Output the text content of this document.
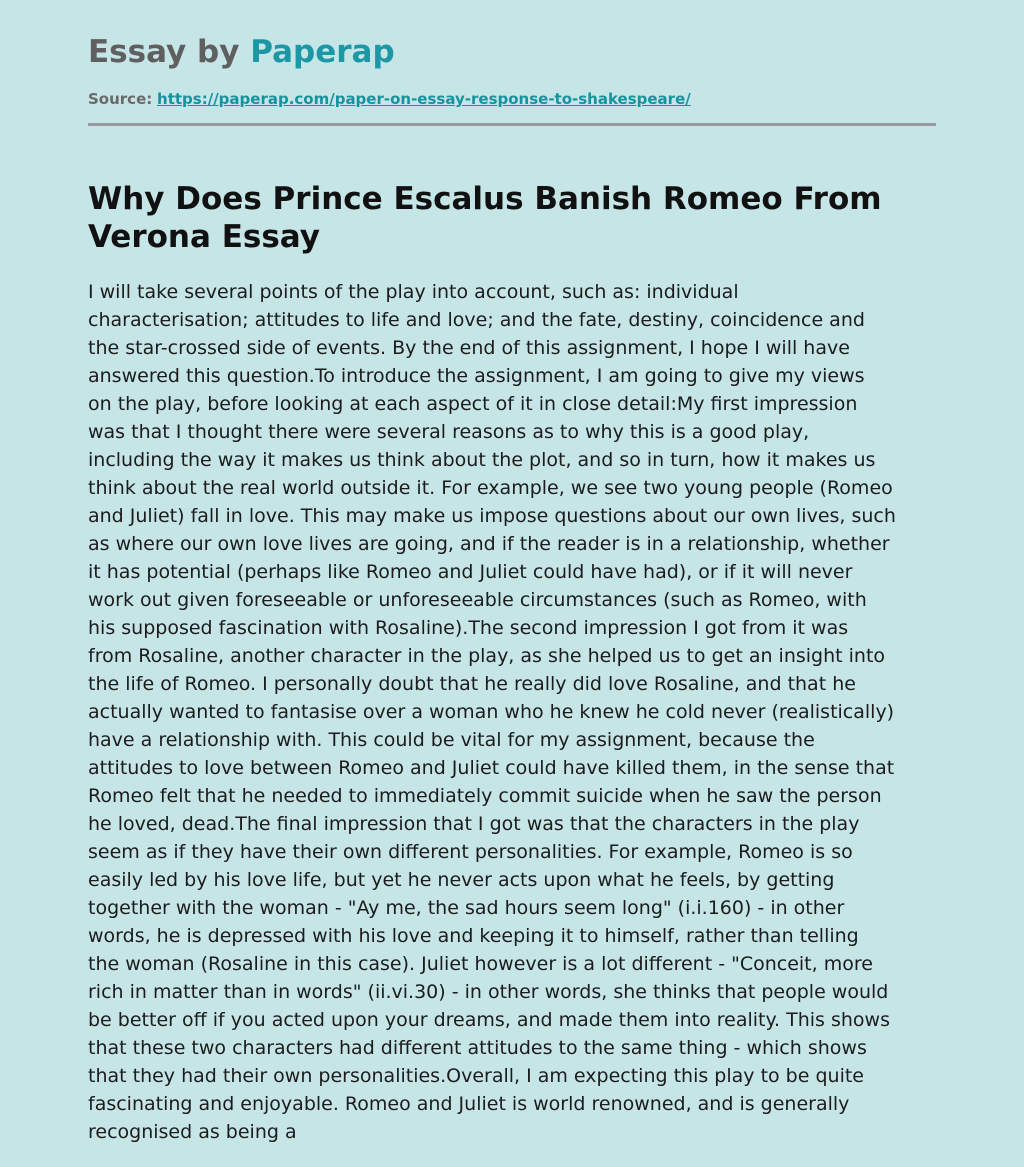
Essay by Paperap
Source: https://paperap.com/paper-on-essay-response-to-shakespeare/
Why Does Prince Escalus Banish Romeo From Verona Essay
I will take several points of the play into account, such as: individual
characterisation; attitudes to life and love; and the fate, destiny, coincidence and
the star-crossed side of events. By the end of this assignment, I hope I will have
answered this question.To introduce the assignment, I am going to give my views
on the play, before looking at each aspect of it in close detail:My first impression
was that I thought there were several reasons as to why this is a good play,
including the way it makes us think about the plot, and so in turn, how it makes us
think about the real world outside it. For example, we see two young people (Romeo
and Juliet) fall in love. This may make us impose questions about our own lives, such
as where our own love lives are going, and if the reader is in a relationship, whether
it has potential (perhaps like Romeo and Juliet could have had), or if it will never
work out given foreseeable or unforeseeable circumstances (such as Romeo, with
his supposed fascination with Rosaline).The second impression I got from it was
from Rosaline, another character in the play, as she helped us to get an insight into
the life of Romeo. I personally doubt that he really did love Rosaline, and that he
actually wanted to fantasise over a woman who he knew he cold never (realistically)
have a relationship with. This could be vital for my assignment, because the
attitudes to love between Romeo and Juliet could have killed them, in the sense that
Romeo felt that he needed to immediately commit suicide when he saw the person
he loved, dead.The final impression that I got was that the characters in the play
seem as if they have their own different personalities. For example, Romeo is so
easily led by his love life, but yet he never acts upon what he feels, by getting
together with the woman - "Ay me, the sad hours seem long" (i.i.160) - in other
words, he is depressed with his love and keeping it to himself, rather than telling
the woman (Rosaline in this case). Juliet however is a lot different - "Conceit, more
rich in matter than in words" (ii.vi.30) - in other words, she thinks that people would
be better off if you acted upon your dreams, and made them into reality. This shows
that these two characters had different attitudes to the same thing - which shows
that they had their own personalities.Overall, I am expecting this play to be quite
fascinating and enjoyable. Romeo and Juliet is world renowned, and is generally
recognised as being a
